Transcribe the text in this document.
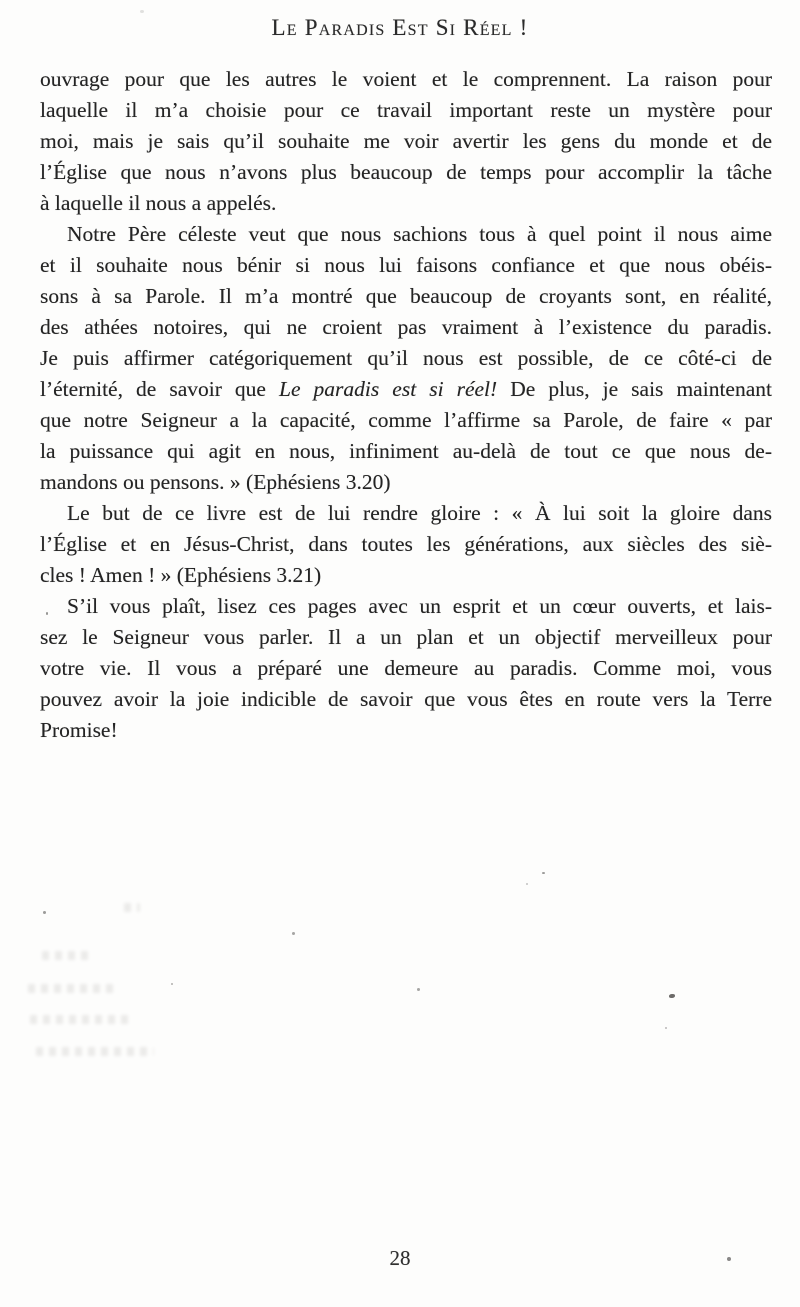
Le Paradis Est Si Réel !
ouvrage pour que les autres le voient et le comprennent. La raison pour
laquelle il m’a choisie pour ce travail important reste un mystère pour
moi, mais je sais qu’il souhaite me voir avertir les gens du monde et de
l’Église que nous n’avons plus beaucoup de temps pour accomplir la tâche
à laquelle il nous a appelés.
Notre Père céleste veut que nous sachions tous à quel point il nous aime
et il souhaite nous bénir si nous lui faisons confiance et que nous obéis-
sons à sa Parole. Il m’a montré que beaucoup de croyants sont, en réalité,
des athées notoires, qui ne croient pas vraiment à l’existence du paradis.
Je puis affirmer catégoriquement qu’il nous est possible, de ce côté-ci de
l’éternité, de savoir que Le paradis est si réel! De plus, je sais maintenant
que notre Seigneur a la capacité, comme l’affirme sa Parole, de faire « par
la puissance qui agit en nous, infiniment au-delà de tout ce que nous de-
mandons ou pensons. » (Ephésiens 3.20)
Le but de ce livre est de lui rendre gloire : « À lui soit la gloire dans
l’Église et en Jésus-Christ, dans toutes les générations, aux siècles des siè-
cles ! Amen ! » (Ephésiens 3.21)
S’il vous plaît, lisez ces pages avec un esprit et un cœur ouverts, et lais-
sez le Seigneur vous parler. Il a un plan et un objectif merveilleux pour
votre vie. Il vous a préparé une demeure au paradis. Comme moi, vous
pouvez avoir la joie indicible de savoir que vous êtes en route vers la Terre
Promise!
28
